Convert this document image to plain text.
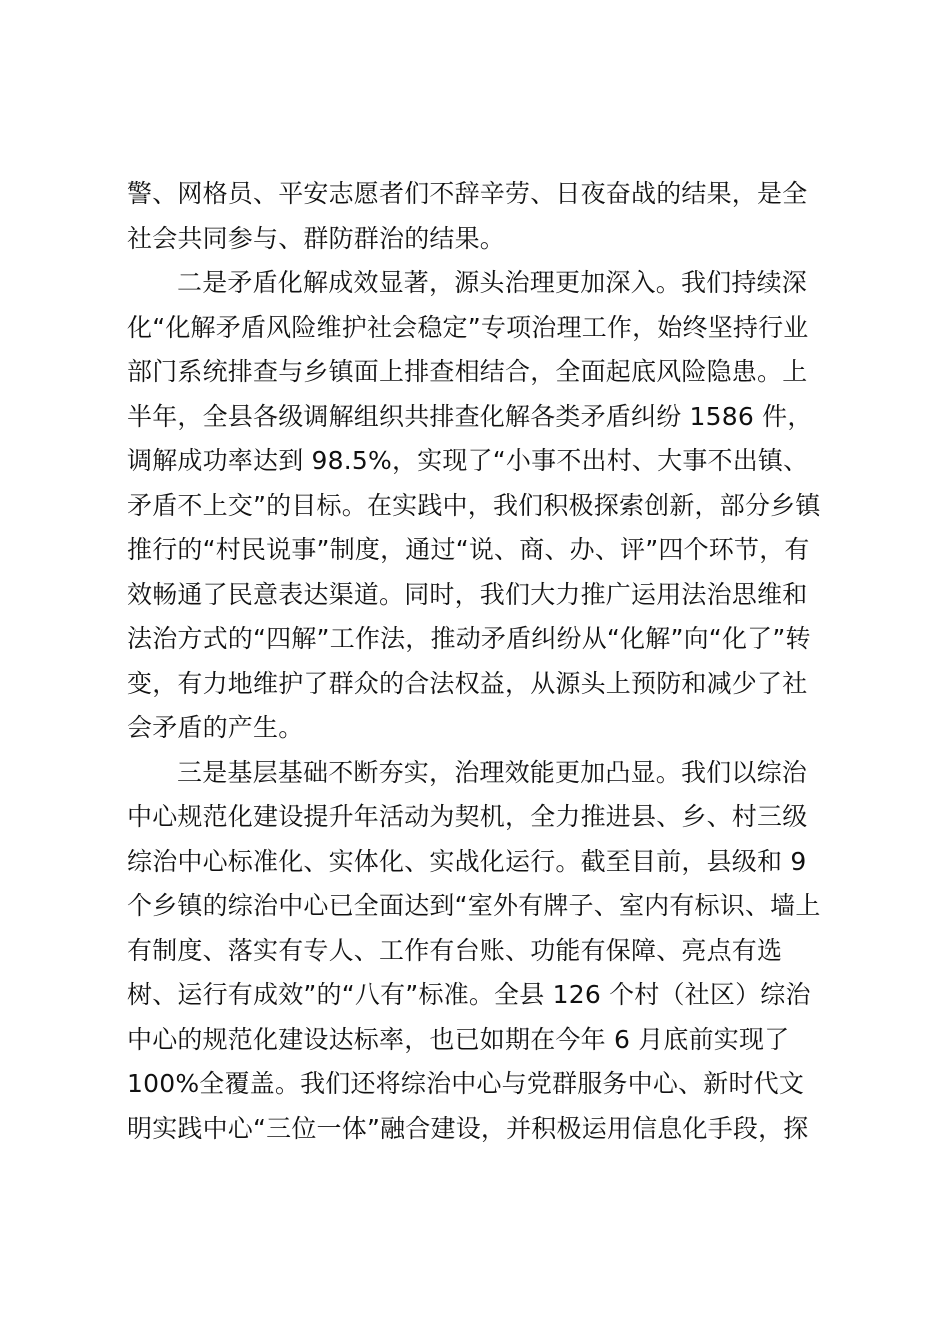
警、网格员、平安志愿者们不辞辛劳、日夜奋战的结果，是全
社会共同参与、群防群治的结果。

二是矛盾化解成效显著，源头治理更加深入。我们持续深
化“化解矛盾风险维护社会稳定”专项治理工作，始终坚持行业
部门系统排查与乡镇面上排查相结合，全面起底风险隐患。上
半年，全县各级调解组织共排查化解各类矛盾纠纷 1586 件，
调解成功率达到 98.5%，实现了“小事不出村、大事不出镇、
矛盾不上交”的目标。在实践中，我们积极探索创新，部分乡镇
推行的“村民说事”制度，通过“说、商、办、评”四个环节，有
效畅通了民意表达渠道。同时，我们大力推广运用法治思维和
法治方式的“四解”工作法，推动矛盾纠纷从“化解”向“化了”转
变，有力地维护了群众的合法权益，从源头上预防和减少了社
会矛盾的产生。

三是基层基础不断夯实，治理效能更加凸显。我们以综治
中心规范化建设提升年活动为契机，全力推进县、乡、村三级
综治中心标准化、实体化、实战化运行。截至目前，县级和 9
个乡镇的综治中心已全面达到“室外有牌子、室内有标识、墙上
有制度、落实有专人、工作有台账、功能有保障、亮点有选
树、运行有成效”的“八有”标准。全县 126 个村（社区）综治
中心的规范化建设达标率，也已如期在今年 6 月底前实现了
100%全覆盖。我们还将综治中心与党群服务中心、新时代文
明实践中心“三位一体”融合建设，并积极运用信息化手段，探
